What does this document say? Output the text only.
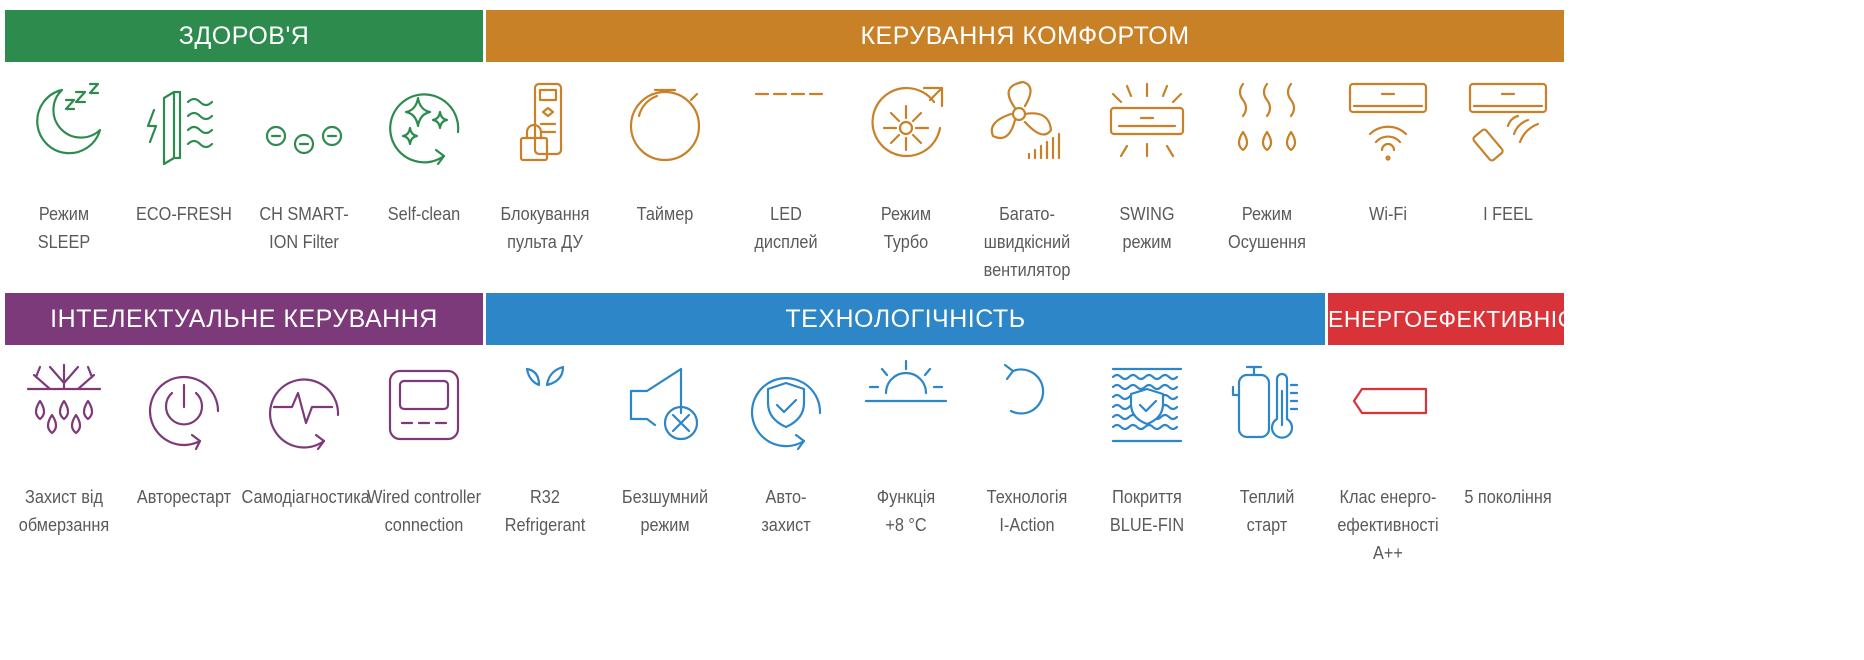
ЗДОРОВ'Я	КЕРУВАННЯ КОМФОРТОМ
ІНТЕЛЕКТУАЛЬНЕ КЕРУВАННЯ	ТЕХНОЛОГІЧНІСТЬ	ЕНЕРГОЕФЕКТИВНІСТЬ
Режим
SLEEP
ECO-FRESH
SMART
ION
CH SMART-
ION Filter
Self-clean	Блокування
пульта ДУ
24h
Таймер
88 °C
°F
LED
дисплей
Режим
Турбо
Багато-
швидкісний
вентилятор
SWING
режим
Режим Осушення
Wi-Fi	I FEEL
Захист від
обмерзання
Авторестарт Самодіагностика
Wired controller
connection
R32
FREON
R32
Refrigerant
Безшумний
режим
Авто-
захист
8°C
Функція
+8 °C
i
ACTION
Технологія
I-Action
Покриття
BLUE-FIN
Теплий
старт
A++
Клас енерго-
ефективності
A++
Gen
VI
5 покоління
